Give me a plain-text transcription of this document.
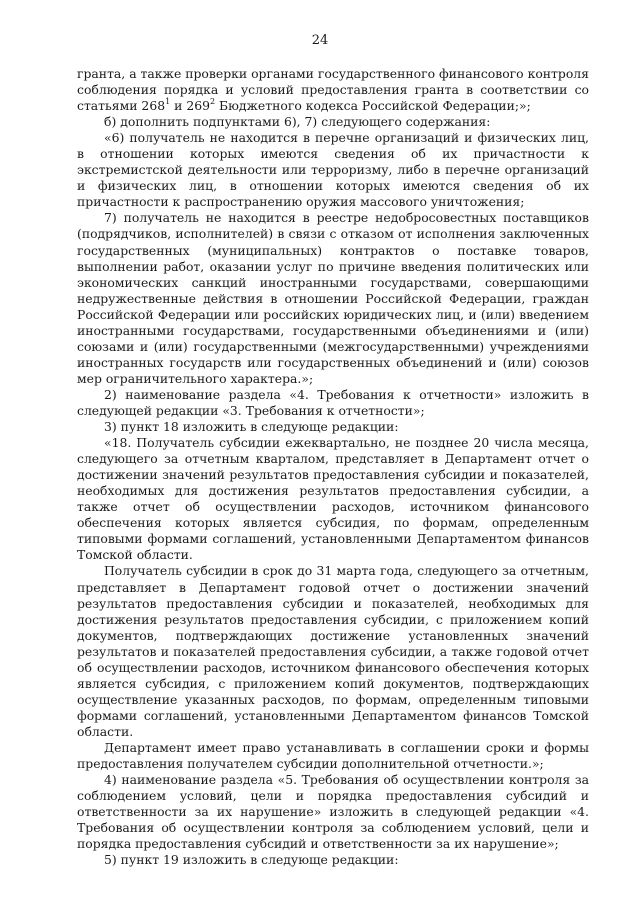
24

гранта, а также проверки органами государственного финансового контроля соблюдения порядка и условий предоставления гранта в соответствии со статьями $268^1$ и $269^2$ Бюджетного кодекса Российской Федерации;»;

б) дополнить подпунктами 6), 7) следующего содержания:

«6) получатель не находится в перечне организаций и физических лиц, в отношении которых имеются сведения об их причастности к экстремистской деятельности или терроризму, либо в перечне организаций и физических лиц, в отношении которых имеются сведения об их причастности к распространению оружия массового уничтожения;

7) получатель не находится в реестре недобросовестных поставщиков (подрядчиков, исполнителей) в связи с отказом от исполнения заключенных государственных (муниципальных) контрактов о поставке товаров, выполнении работ, оказании услуг по причине введения политических или экономических санкций иностранными государствами, совершающими недружественные действия в отношении Российской Федерации, граждан Российской Федерации или российских юридических лиц, и (или) введением иностранными государствами, государственными объединениями и (или) союзами и (или) государственными (межгосударственными) учреждениями иностранных государств или государственных объединений и (или) союзов мер ограничительного характера.»;

2) наименование раздела «4. Требования к отчетности» изложить в следующей редакции «3. Требования к отчетности»;

3) пункт 18 изложить в следующе редакции:

«18. Получатель субсидии ежеквартально, не позднее 20 числа месяца, следующего за отчетным кварталом, представляет в Департамент отчет о достижении значений результатов предоставления субсидии и показателей, необходимых для достижения результатов предоставления субсидии, а также отчет об осуществлении расходов, источником финансового обеспечения которых является субсидия, по формам, определенным типовыми формами соглашений, установленными Департаментом финансов Томской области.

Получатель субсидии в срок до 31 марта года, следующего за отчетным, представляет в Департамент годовой отчет о достижении значений результатов предоставления субсидии и показателей, необходимых для достижения результатов предоставления субсидии, с приложением копий документов, подтверждающих достижение установленных значений результатов и показателей предоставления субсидии, а также годовой отчет об осуществлении расходов, источником финансового обеспечения которых является субсидия, с приложением копий документов, подтверждающих осуществление указанных расходов, по формам, определенным типовыми формами соглашений, установленными Департаментом финансов Томской области.

Департамент имеет право устанавливать в соглашении сроки и формы предоставления получателем субсидии дополнительной отчетности.»;

4) наименование раздела «5. Требования об осуществлении контроля за соблюдением условий, цели и порядка предоставления субсидий и ответственности за их нарушение» изложить в следующей редакции «4. Требования об осуществлении контроля за соблюдением условий, цели и порядка предоставления субсидий и ответственности за их нарушение»;

5) пункт 19 изложить в следующе редакции:
